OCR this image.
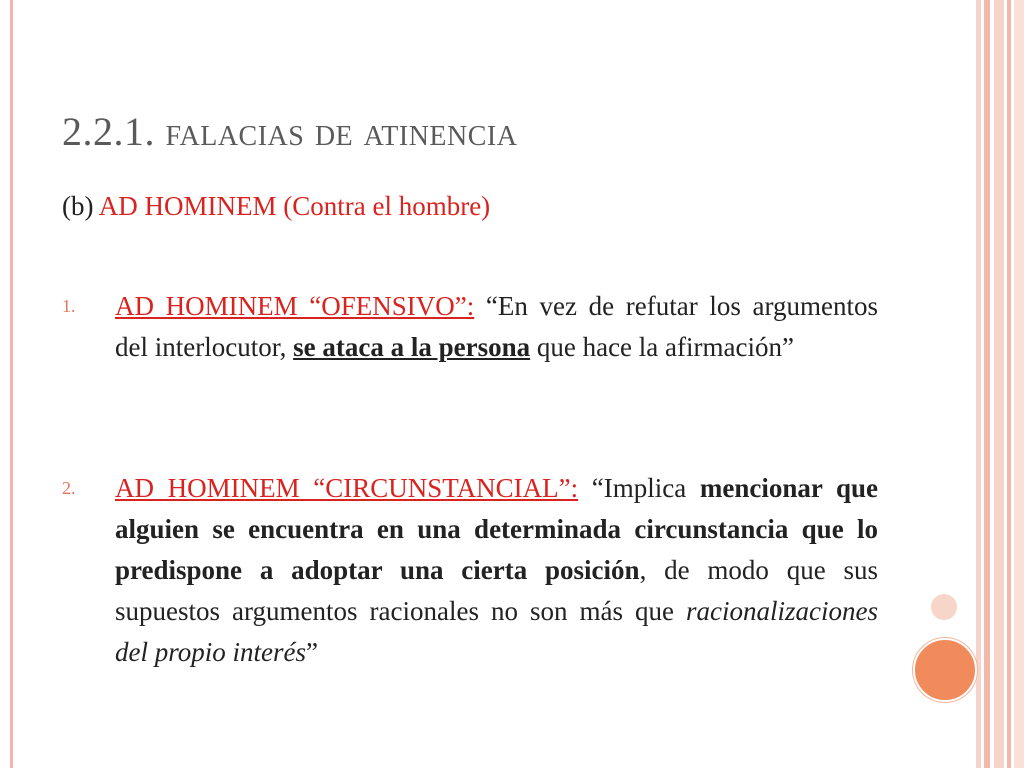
2.2.1. falacias de atinencia
(b) AD HOMINEM (Contra el hombre)
1. AD HOMINEM “OFENSIVO”: “En vez de refutar los argumentos del interlocutor, se ataca a la persona que hace la afirmación”
2. AD HOMINEM “CIRCUNSTANCIAL”: “Implica mencionar que alguien se encuentra en una determinada circunstancia que lo predispone a adoptar una cierta posición, de modo que sus supuestos argumentos racionales no son más que racionalizaciones del propio interés”
